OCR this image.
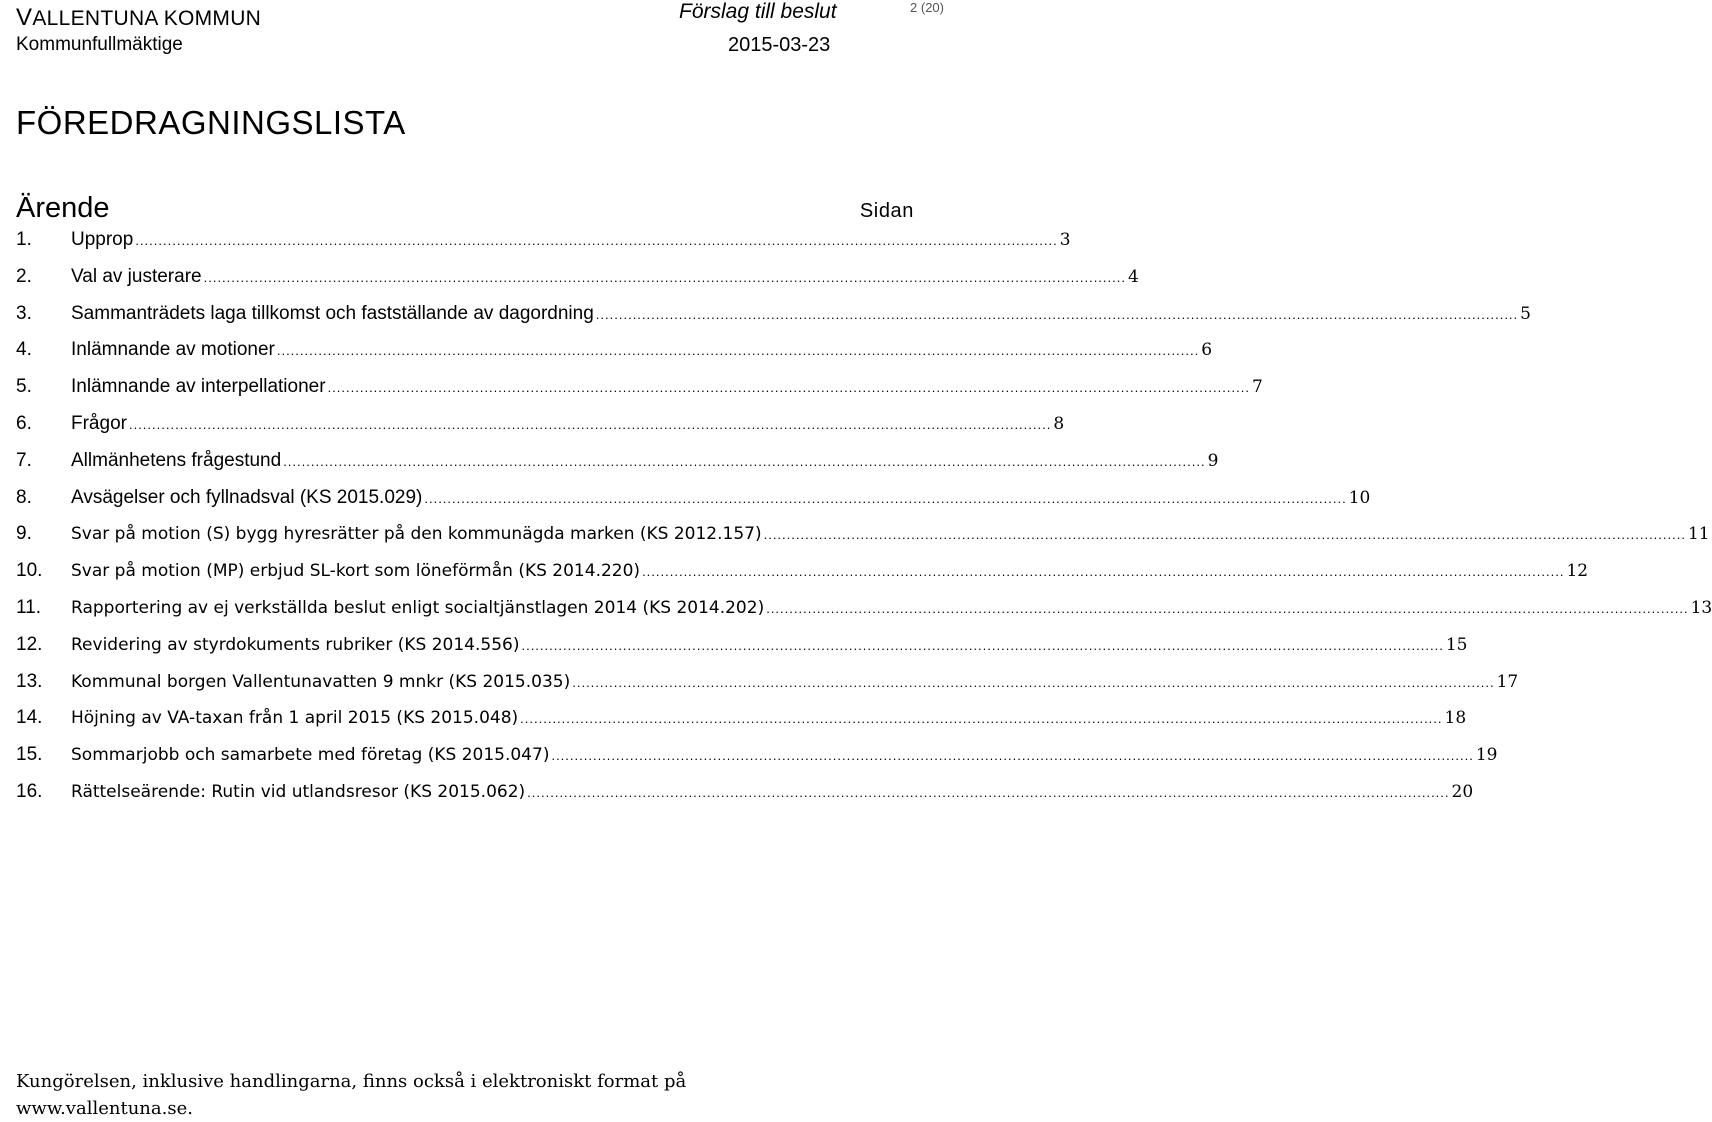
VALLENTUNA KOMMUN
Kommunfullmäktige
Förslag till beslut
2015-03-23
2 (20)
FÖREDRAGNINGSLISTA
Ärende	Sidan
1.	Upprop ........................................................................................................................................................................................................ 3
2.	Val av justerare ........................................................................................................................................................................................................ 4
3.	Sammanträdets laga tillkomst och fastställande av dagordning ........................................................................................................................................................................................................ 5
4.	Inlämnande av motioner ........................................................................................................................................................................................................ 6
5.	Inlämnande av interpellationer ........................................................................................................................................................................................................ 7
6.	Frågor ........................................................................................................................................................................................................ 8
7.	Allmänhetens frågestund ........................................................................................................................................................................................................ 9
8.	Avsägelser och fyllnadsval (KS 2015.029) ........................................................................................................................................................................................................ 10
9.	Svar på motion (S) bygg hyresrätter på den kommunägda marken (KS 2012.157) ........................................................................................................................................................................................................ 11
10.	Svar på motion (MP) erbjud SL-kort som löneförmån (KS 2014.220) ........................................................................................................................................................................................................ 12
11.	Rapportering av ej verkställda beslut enligt socialtjänstlagen 2014 (KS 2014.202) ........................................................................................................................................................................................................ 13
12.	Revidering av styrdokuments rubriker (KS 2014.556) ........................................................................................................................................................................................................ 15
13.	Kommunal borgen Vallentunavatten 9 mnkr (KS 2015.035) ........................................................................................................................................................................................................ 17
14.	Höjning av VA-taxan från 1 april 2015 (KS 2015.048) ........................................................................................................................................................................................................ 18
15.	Sommarjobb och samarbete med företag (KS 2015.047) ........................................................................................................................................................................................................ 19
16.	Rättelseärende: Rutin vid utlandsresor (KS 2015.062) ........................................................................................................................................................................................................ 20
Kungörelsen, inklusive handlingarna, finns också i elektroniskt format på
www.vallentuna.se.
